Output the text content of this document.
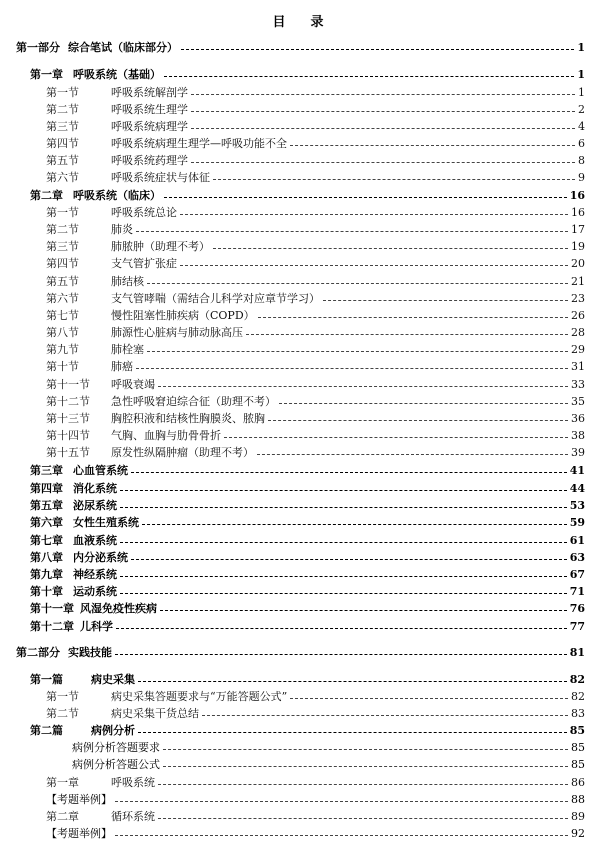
目　录
第一部分 综合笔试（临床部分）	1
第一章 呼吸系统（基础）	1
第一节	呼吸系统解剖学	1
第二节	呼吸系统生理学	2
第三节	呼吸系统病理学	4
第四节	呼吸系统病理生理学—呼吸功能不全	6
第五节	呼吸系统药理学	8
第六节	呼吸系统症状与体征	9
第二章 呼吸系统（临床）	16
第一节	呼吸系统总论	16
第二节	肺炎	17
第三节	肺脓肿（助理不考）	19
第四节	支气管扩张症	20
第五节	肺结核	21
第六节	支气管哮喘（需结合儿科学对应章节学习）	23
第七节	慢性阻塞性肺疾病（COPD）	26
第八节	肺源性心脏病与肺动脉高压	28
第九节	肺栓塞	29
第十节	肺癌	31
第十一节	呼吸衰竭	33
第十二节	急性呼吸窘迫综合征（助理不考）	35
第十三节	胸腔积液和结核性胸膜炎、脓胸	36
第十四节	气胸、血胸与肋骨骨折	38
第十五节	原发性纵隔肿瘤（助理不考）	39
第三章 心血管系统	41
第四章 消化系统	44
第五章 泌尿系统	53
第六章 女性生殖系统	59
第七章 血液系统	61
第八章 内分泌系统	63
第九章 神经系统	67
第十章 运动系统	71
第十一章 风湿免疫性疾病	76
第十二章 儿科学	77
第二部分 实践技能	81
第一篇	病史采集	82
第一节	病史采集答题要求与“万能答题公式”	82
第二节	病史采集干货总结	83
第二篇	病例分析	85
病例分析答题要求	85
病例分析答题公式	85
第一章	呼吸系统	86
【考题举例】	88
第二章	循环系统	89
【考题举例】	92
